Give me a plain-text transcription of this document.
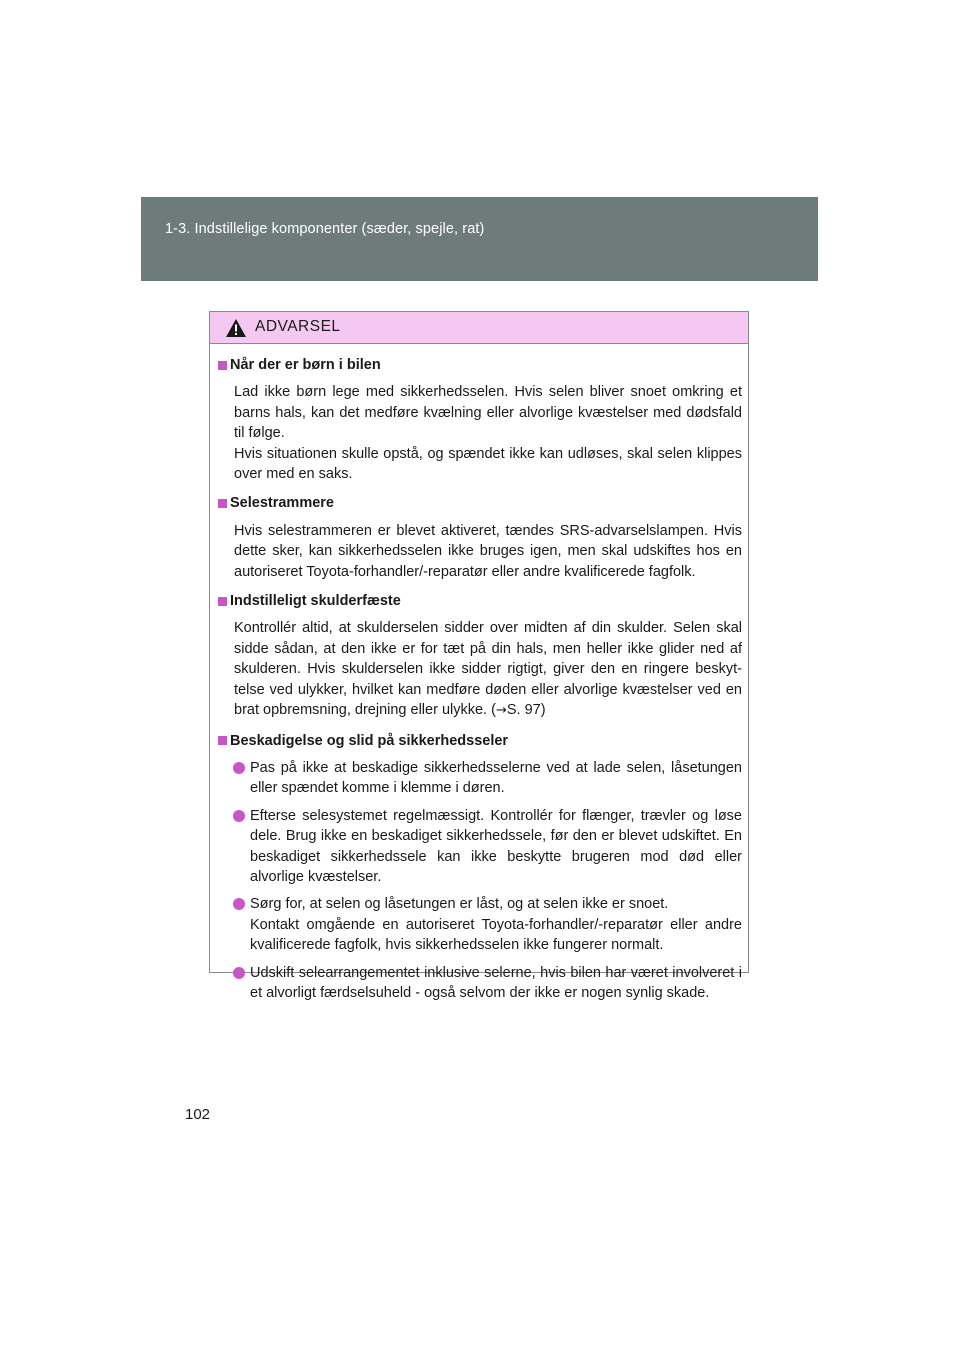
1-3. Indstillelige komponenter (sæder, spejle, rat)
ADVARSEL
Når der er børn i bilen
Lad ikke børn lege med sikkerhedsselen. Hvis selen bliver snoet omkring et barns hals, kan det medføre kvælning eller alvorlige kvæstelser med dødsfald til følge.
Hvis situationen skulle opstå, og spændet ikke kan udløses, skal selen klippes over med en saks.
Selestrammere
Hvis selestrammeren er blevet aktiveret, tændes SRS-advarselslampen. Hvis dette sker, kan sikkerhedsselen ikke bruges igen, men skal udskiftes hos en autoriseret Toyota-forhandler/-reparatør eller andre kvalificerede fagfolk.
Indstilleligt skulderfæste
Kontrollér altid, at skulderselen sidder over midten af din skulder. Selen skal sidde sådan, at den ikke er for tæt på din hals, men heller ikke glider ned af skulderen. Hvis skulderselen ikke sidder rigtigt, giver den en ringere beskyttelse ved ulykker, hvilket kan medføre døden eller alvorlige kvæstelser ved en brat opbremsning, drejning eller ulykke. (→S. 97)
Beskadigelse og slid på sikkerhedsseler
Pas på ikke at beskadige sikkerhedsselerne ved at lade selen, låsetungen eller spændet komme i klemme i døren.
Efterse selesystemet regelmæssigt. Kontrollér for flænger, trævler og løse dele. Brug ikke en beskadiget sikkerhedssele, før den er blevet udskiftet. En beskadiget sikkerhedssele kan ikke beskytte brugeren mod død eller alvorlige kvæstelser.
Sørg for, at selen og låsetungen er låst, og at selen ikke er snoet.
Kontakt omgående en autoriseret Toyota-forhandler/-reparatør eller andre kvalificerede fagfolk, hvis sikkerhedsselen ikke fungerer normalt.
Udskift selearrangementet inklusive selerne, hvis bilen har været involveret i et alvorligt færdselsuheld - også selvom der ikke er nogen synlig skade.
102
